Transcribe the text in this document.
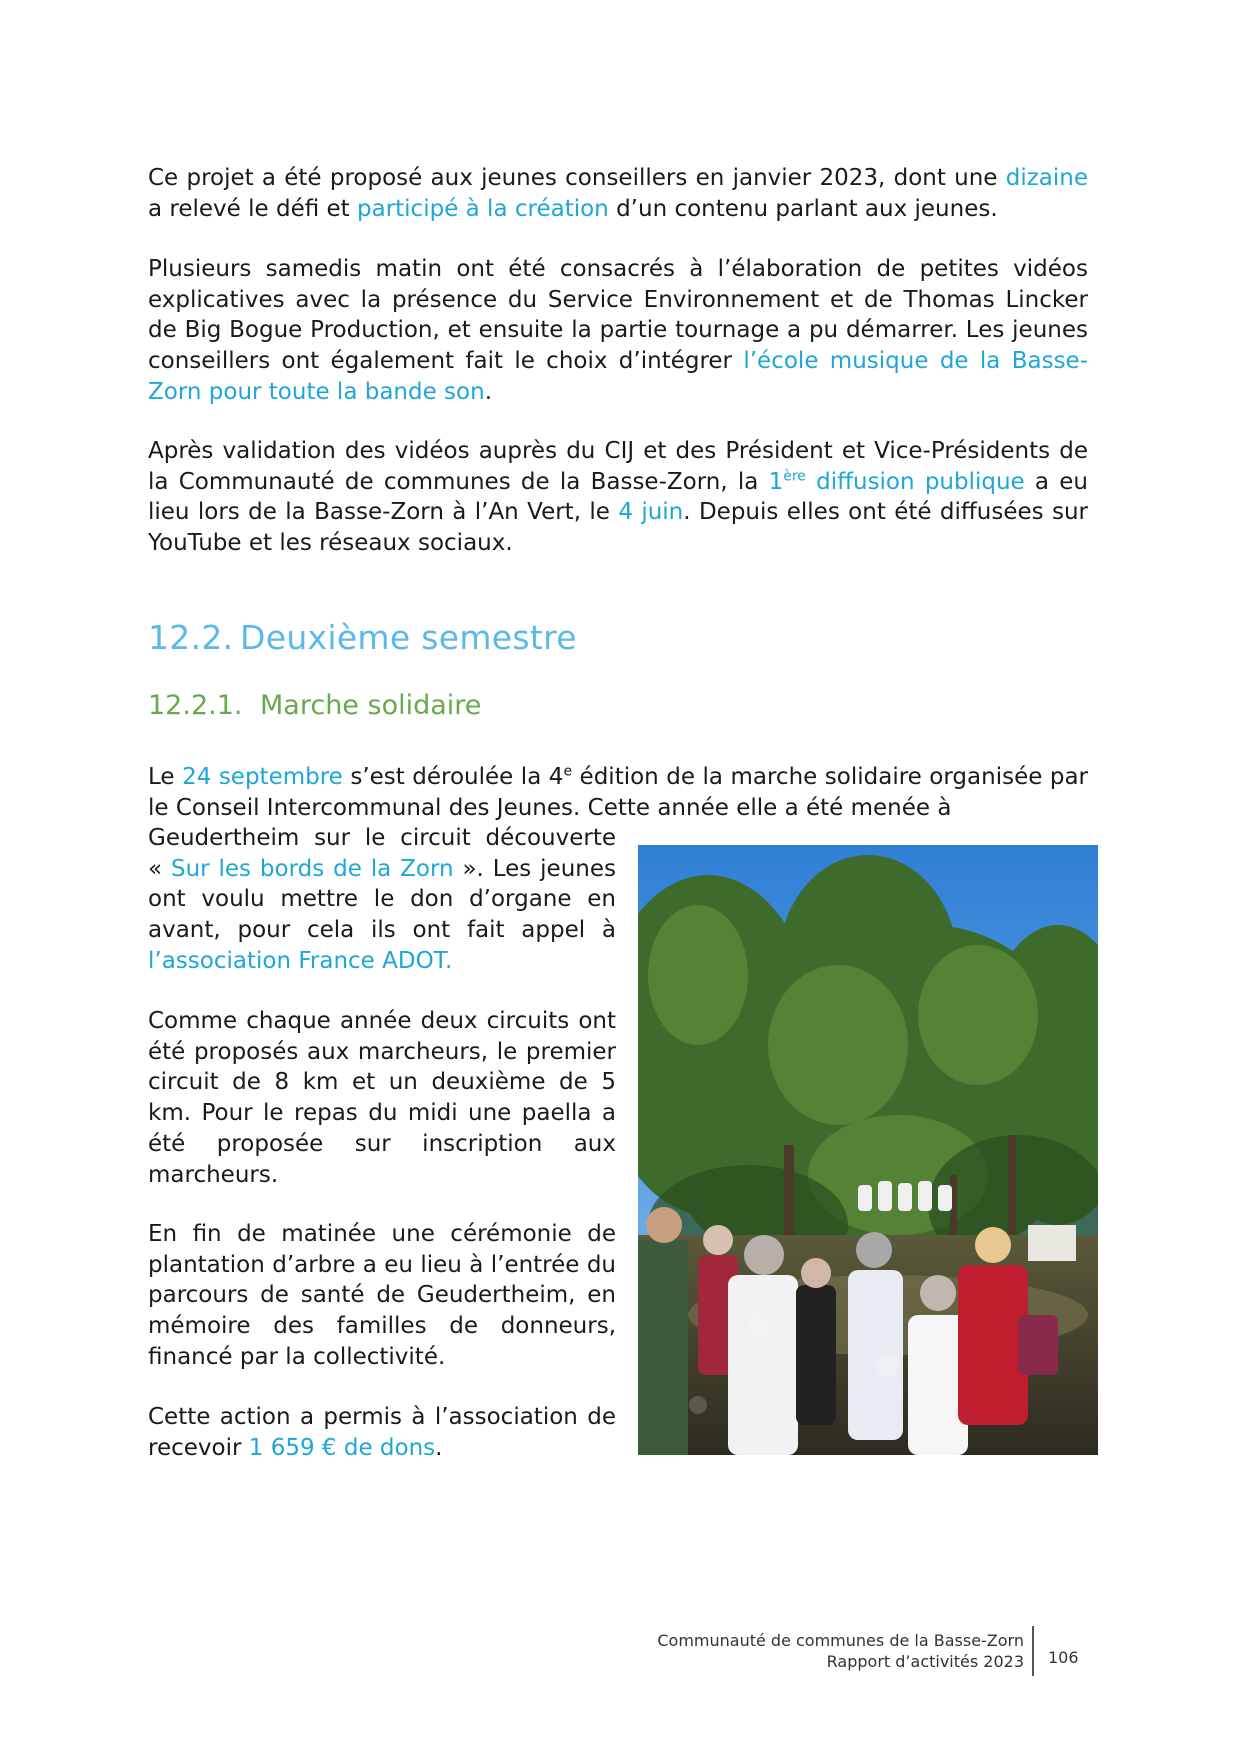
Ce projet a été proposé aux jeunes conseillers en janvier 2023, dont une dizaine a relevé le défi et participé à la création d’un contenu parlant aux jeunes.

Plusieurs samedis matin ont été consacrés à l’élaboration de petites vidéos explicatives avec la présence du Service Environnement et de Thomas Lincker de Big Bogue Production, et ensuite la partie tournage a pu démarrer. Les jeunes conseillers ont également fait le choix d’intégrer l’école musique de la Basse-Zorn pour toute la bande son.

Après validation des vidéos auprès du CIJ et des Président et Vice-Présidents de la Communauté de communes de la Basse-Zorn, la 1ère diffusion publique a eu lieu lors de la Basse-Zorn à l’An Vert, le 4 juin. Depuis elles ont été diffusées sur YouTube et les réseaux sociaux.

12.2. Deuxième semestre
12.2.1. Marche solidaire

Le 24 septembre s’est déroulée la 4e édition de la marche solidaire organisée par le Conseil Intercommunal des Jeunes. Cette année elle a été menée à

Geudertheim sur le circuit découverte « Sur les bords de la Zorn ». Les jeunes ont voulu mettre le don d’organe en avant, pour cela ils ont fait appel à l’association France ADOT.

Comme chaque année deux circuits ont été proposés aux marcheurs, le premier circuit de 8 km et un deuxième de 5 km. Pour le repas du midi une paella a été proposée sur inscription aux marcheurs.

En fin de matinée une cérémonie de plantation d’arbre a eu lieu à l’entrée du parcours de santé de Geudertheim, en mémoire des familles de donneurs, financé par la collectivité.

Cette action a permis à l’association de recevoir 1 659 € de dons.

Communauté de communes de la Basse-Zorn
Rapport d’activités 2023 106
